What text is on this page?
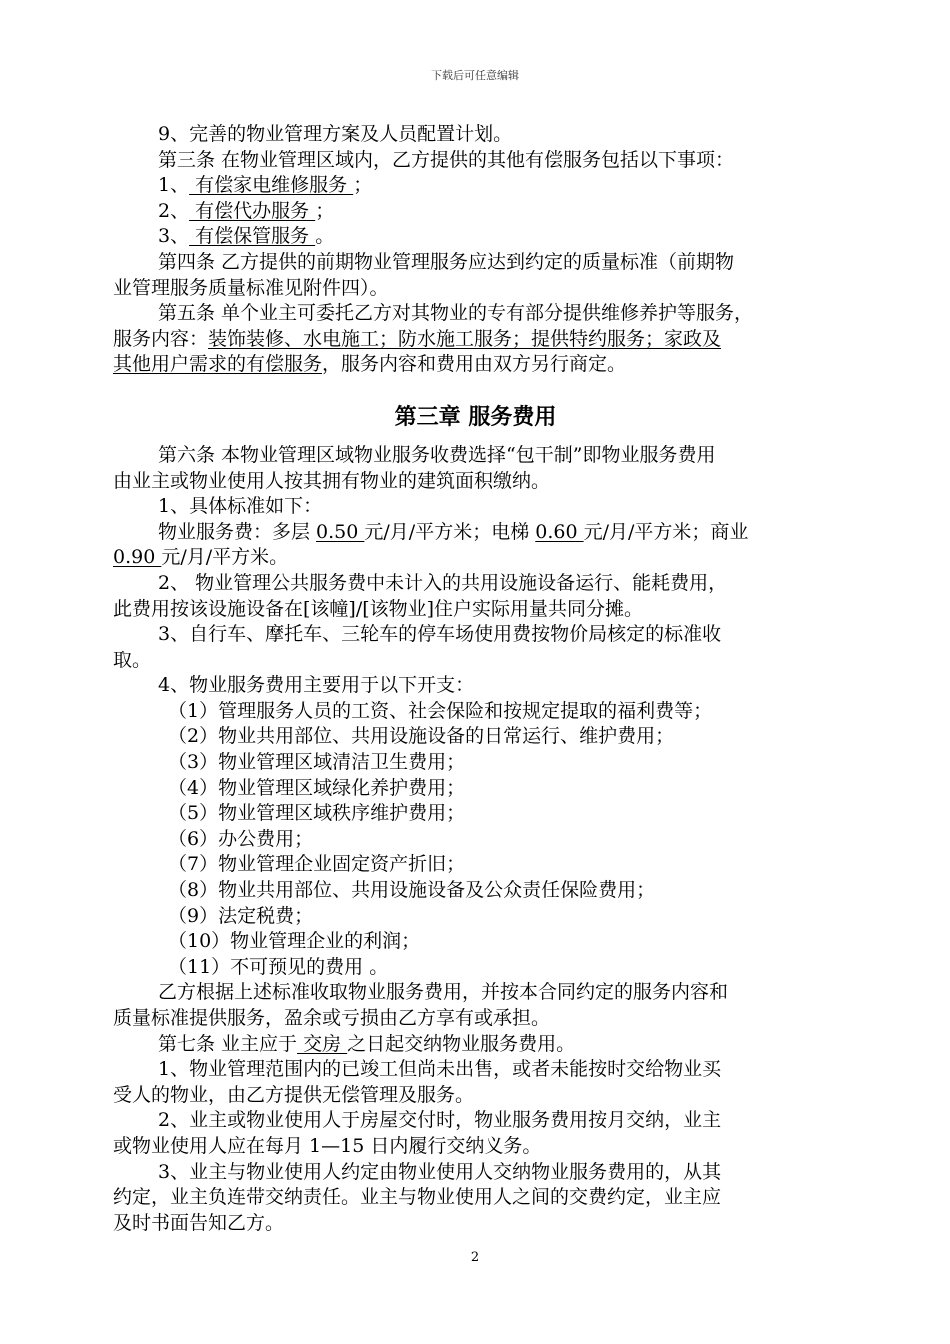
下载后可任意编辑

9、完善的物业管理方案及人员配置计划。

第三条 在物业管理区域内，乙方提供的其他有偿服务包括以下事项：

1、 有偿家电维修服务 ；

2、 有偿代办服务 ；

3、 有偿保管服务 。

第四条 乙方提供的前期物业管理服务应达到约定的质量标准（前期物

业管理服务质量标准见附件四）。

第五条 单个业主可委托乙方对其物业的专有部分提供维修养护等服务，

服务内容：装饰装修、水电施工；防水施工服务；提供特约服务；家政及

其他用户需求的有偿服务，服务内容和费用由双方另行商定。

第三章 服务费用

第六条 本物业管理区域物业服务收费选择“包干制”即物业服务费用

由业主或物业使用人按其拥有物业的建筑面积缴纳。

1、具体标准如下：

物业服务费：多层 0.50 元/月/平方米；电梯 0.60 元/月/平方米；商业

0.90 元/月/平方米。

2、 物业管理公共服务费中未计入的共用设施设备运行、能耗费用，

此费用按该设施设备在[该幢]/[该物业]住户实际用量共同分摊。

3、自行车、摩托车、三轮车的停车场使用费按物价局核定的标准收

取。

4、物业服务费用主要用于以下开支：

（1）管理服务人员的工资、社会保险和按规定提取的福利费等；

（2）物业共用部位、共用设施设备的日常运行、维护费用；

（3）物业管理区域清洁卫生费用；

（4）物业管理区域绿化养护费用；

（5）物业管理区域秩序维护费用；

（6）办公费用；

（7）物业管理企业固定资产折旧；

（8）物业共用部位、共用设施设备及公众责任保险费用；

（9）法定税费；

（10）物业管理企业的利润；

（11）不可预见的费用 。

乙方根据上述标准收取物业服务费用，并按本合同约定的服务内容和

质量标准提供服务，盈余或亏损由乙方享有或承担。

第七条 业主应于 交房 之日起交纳物业服务费用。

1、物业管理范围内的已竣工但尚未出售，或者未能按时交给物业买

受人的物业，由乙方提供无偿管理及服务。

2、业主或物业使用人于房屋交付时，物业服务费用按月交纳，业主

或物业使用人应在每月 1—15 日内履行交纳义务。

3、业主与物业使用人约定由物业使用人交纳物业服务费用的，从其

约定，业主负连带交纳责任。业主与物业使用人之间的交费约定，业主应

及时书面告知乙方。

2
